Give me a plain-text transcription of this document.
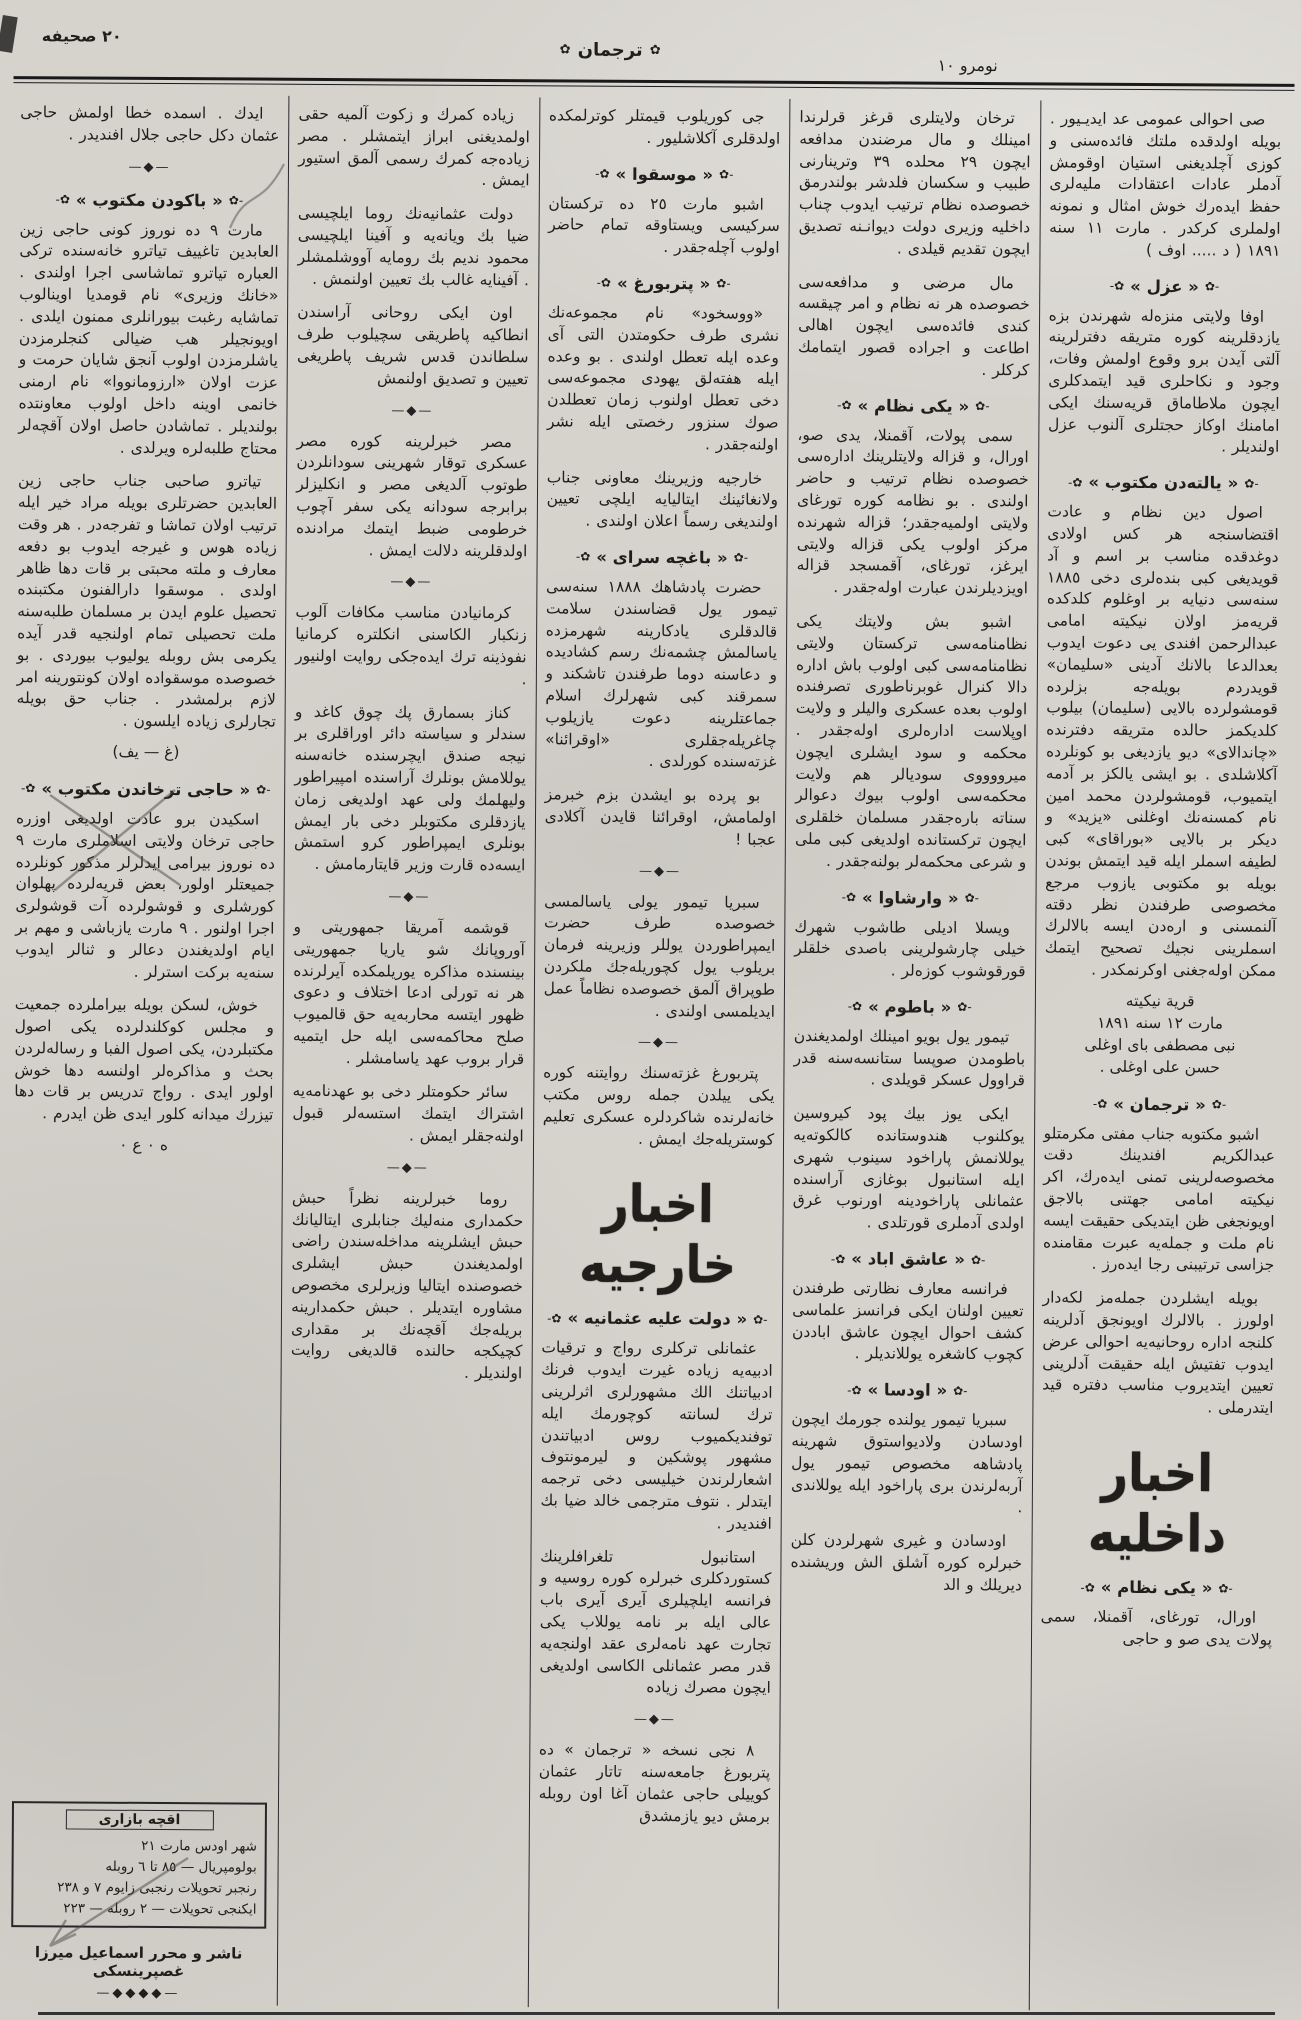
٢٠ صحيفه
✿
ترجمان
✿
نومرو ١٠

صى احوالى عمومى عد ايديـيور . بويله اولدقده ملتك فائده‌سنى و كوزى آچلديغنى استيان اوقومش آدملر عادات اعتقادات مليه‌لرى حفظ ايده‌رك خوش امثال و نمونه اولملرى كركدر . مارت ١١ سنه ١٨٩١ ( د ..... اوف )

-✿
« عزل »
✿-

اوفا ولايتى منزه‌له شهرندن بزه يازدقلرينه كوره متريقه دفترلرينه آلتى آيدن برو وقوع اولمش وفات، وجود و نكاحلرى قيد ايتمدكلرى ايچون ملاطاماق قريه‌سنك ايكى امامنك اوكاز حجتلرى آلنوب عزل اولنديلر .

-✿
« يالته‌دن مكتوب »
✿-

اصول دين نظام و عادت اقتضاسنجه هر كس اولادى دوغدقده مناسب بر اسم و آد قويديغى كبى بنده‌لرى دخى ١٨٨٥ سنه‌سى دنيايه بر اوغلوم كلدكده قريه‌مز اولان نيكيته امامى عبدالرحمن افندى يى دعوت ايدوب بعدالدعا بالانك آدينى «سليمان» قويدردم بويله‌جه بزلرده قومشولرده بالايى (سليمان) بيلوب كلديكمز حالده متريقه دفترنده «چاندالاى» ديو يازديغى بو كونلرده آكلاشلدى . بو ايشى يالكز بر آدمه ايتميوب، قومشولردن محمد امين نام كمسنه‌نك اوغلنى «يزيد» و ديكر بر بالايى «بوراقاى» كبى لطيفه اسملر ايله قيد ايتمش بوندن بويله بو مكتوبى يازوب مرجع مخصوصى طرفندن نظر دقته آلنمسنى و اره‌دن ايسه بالالرك اسملرينى نجيك تصحيح ايتمك ممكن اوله‌جغنى اوكرنمكدر .

قرية نيكيته
مارت ١٢ سنه ١٨٩١
نبى مصطفى باى اوغلى
حسن على اوغلى .
-✿
« ترجمان »
✿-

اشبو مكتوبه جناب مفتى مكرمتلو عبدالكريم افندينك دقت مخصوصه‌لرينى تمنى ايده‌رك، اكر نيكيته امامى جهتنى بالاجق اويونجغى ظن ايتديكى حقيقت ايسه نام ملت و جمله‌يه عبرت مقامنده جزاسى ترتيبنى رجا ايده‌رز .

بويله ايشلردن جمله‌مز لكه‌دار اولورز . بالالرك اويونجق آدلرينه كلنجه اداره روحانيه‌يه احوالى عرض ايدوب تفتيش ايله حقيقت آدلرينى تعيين ايتديروب مناسب دفتره قيد ايتدرملى .

اخبار داخليه
-✿
« يكى نظام »
✿-

اورال، تورغاى، آقمنلا، سمى پولات يدى صو و حاجى

ترخان ولايتلرى قرغز قرلرندا امينلك و مال مرضندن مدافعه ايچون ٢٩ محلده ٣٩ وترينارنى طبيب و سكسان فلدشر بولندرمق خصوصده نظام ترتيب ايدوب چناب داخليه وزيرى دولت ديوانـنه تصديق ايچون تقديم قيلدى .

مال مرضى و مدافعه‌سى خصوصده هر نه نظام و امر چيقسه كندى فائده‌سى ايچون اهالى اطاعت و اجراده قصور ايتمامك كركلر .

-✿
« يكى نظام »
✿-

سمى پولات، آقمنلا، يدى صو، اورال، و قزاله ولايتلرينك اداره‌سى خصوصده نظام ترتيب و حاضر اولندى . بو نظامه كوره تورغاى ولايتى اولميه‌جقدر؛ قزاله شهرنده مركز اولوب يكى قزاله ولايتى ايرغز، تورغاى، آقمسجد قزاله اويزديلرندن عبارت اوله‌جقدر .

اشبو بش ولايتك يكى نظامنامه‌سى تركستان ولايتى نظامنامه‌سى كبى اولوب باش اداره دالا كنرال غوبرناطورى تصرفنده اولوب بعده عسكرى واليلر و ولايت اوپلاست اداره‌لرى اوله‌جقدر . محكمه و سود ايشلرى ايچون ميرووووى سوديالر هم ولايت محكمه‌سى اولوب بيوك دعوالر سناته باره‌جقدر مسلمان خلقلرى ايچون تركستانده اولديغى كبى ملى و شرعى محكمه‌لر بولنه‌جقدر .

-✿
« وارشاوا »
✿-

ويسلا اديلى طاشوب شهرك خيلى چارشولرينى باصدى خلقلر قورقوشوب كوزه‌لر .

-✿
« باطوم »
✿-

تيمور يول بويو امينلك اولمديغندن باطومدن صوپسا ستانسه‌سنه قدر قراوول عسكر قويلدى .

ايكى يوز بيك پود كيروسين يوكلنوب هندوستانده كالكوته‌يه يوللانمش پاراخود سينوب شهرى ايله استانبول بوغازى آراسنده عثمانلى پاراخودينه اورنوب غرق اولدى آدملرى قورتلدى .

-✿
« عاشق اباد »
✿-

فرانسه معارف نظارتى طرفندن تعيين اولنان ايكى فرانسز علماسى كشف احوال ايچون عاشق اباددن كچوب كاشغره يوللانديلر .

-✿
« اودسا »
✿-

سبريا تيمور يولنده جورمك ايچون اودسادن ولاديواستوق شهرينه پادشاهه مخصوص تيمور يول آربه‌لرندن برى پاراخود ايله يوللاندى .

اودسادن و غيرى شهرلردن كلن خبرلره كوره آشلق الش وريشنده ديريلك و الد

جى كوريلوب قيمتلر كوترلمكده اولدقلرى آكلاشليور .

-✿
« موسقوا »
✿-

اشبو مارت ٢٥ ده تركستان سركيسى ويستاوقه تمام حاضر اولوب آچله‌جقدر .

-✿
« پتربورغ »
✿-

«ووسخود» نام مجموعه‌نك نشرى طرف حكومتدن التى آى وعده ايله تعطل اولندى . بو وعده ايله هفته‌لق يهودى مجموعه‌سى دخى تعطل اولنوب زمان تعطلدن صوك سنزور رخصتى ايله نشر اولنه‌جقدر .

خارجيه وزيرينك معاونى جناب ولانغائينك ايتاليايه ايلچى تعيين اولنديغى رسماً اعلان اولندى .

-✿
« باغچه سراى »
✿-

حضرت پادشاهك ١٨٨٨ سنه‌سى تيمور يول قضاسندن سلامت قالدقلرى يادكارينه شهرمزده ياسالمش چشمه‌نك رسم كشاديده و دعاسنه دوما طرفندن تاشكند و سمرقند كبى شهرلرك اسلام جماعتلرينه دعوت يازيلوب چاغريله‌جقلرى «اوقرائنا» غزته‌سنده كورلدى .

بو پرده بو ايشدن بزم خبرمز اولمامش، اوقرائنا قايدن آكلادى عجبا !

—◆—

سبريا تيمور يولى ياسالمسى خصوصده طرف حضرت ايمپراطوردن يوللر وزيرينه فرمان بريلوب يول كچوريله‌جك ملكردن طوپراق آلمق خصوصده نظاماً عمل ايديلمسى اولندى .

—◆—

پتربورغ غزته‌سنك روايتنه كوره يكى ييلدن جمله روس مكتب خانه‌لرنده شاكردلره عسكرى تعليم كوستريله‌جك ايمش .

اخبار خارجيه
-✿
« دولت عليه عثمانيه »
✿-

عثمانلى تركلرى رواج و ترقيات ادبيه‌يه زياده غيرت ايدوب فرنك ادبياتنك الك مشهورلرى اثرلرينى ترك لسانته كوچورمك ايله توفنديكميوب روس ادبياتندن مشهور پوشكين و ليرمونتوف اشعارلرندن خيليسى دخى ترجمه ايتدلر . نتوف مترجمى خالد ضيا بك افنديدر .

استانبول تلغرافلرينك كستوردكلرى خبرلره كوره روسيه و فرانسه ايلچيلرى آيرى آيرى باب عالى ايله بر نامه يوللاب يكى تجارت عهد نامه‌لرى عقد اولنجه‌يه قدر مصر عثمانلى الكاسى اولديغى ايچون مصرك زياده

—◆—

٨ نجى نسخه « ترجمان » ده پتربورغ جامعه‌سنه تاتار عثمان كوييلى حاجى عثمان آغا اون روبله برمش ديو يازمشدق

زياده كمرك و زكوت آلميه حقى اولمديغنى ابراز ايتمشلر . مصر زياده‌جه كمرك رسمى آلمق استيور ايمش .

دولت عثمانيه‌نك روما ايلچيسى ضيا بك ويانه‌يه و آفينا ايلچيسى محمود نديم بك رومايه آووشلمشلر . آفينايه غالب بك تعيين اولنمش .

اون ايكى روحانى آراسندن انطاكيه پاطريقى سچيلوب طرف سلطاندن قدس شريف پاطريغى تعيين و تصديق اولنمش

—◆—

مصر خبرلرينه كوره مصر عسكرى توقار شهرينى سودانلردن طوتوب آلديغى مصر و انكليزلر برابرجه سودانه يكى سفر آچوب خرطومى ضبط ايتمك مرادنده اولدقلرينه دلالت ايمش .

—◆—

كرمانيادن مناسب مكافات آلوب زنكبار الكاسنى انكلتره كرمانيا نفوذينه ترك ايده‌جكى روايت اولنيور .

كناز بسمارق پك چوق كاغد و سندلر و سياسته دائر اوراقلرى بر نيجه صندق ايچرسنده خانه‌سنه يوللامش بونلرك آراسنده امپيراطور وليهلمك ولى عهد اولديغى زمان يازدقلرى مكتوبلر دخى بار ايمش بونلرى ايمپراطور كرو استمش ايسه‌ده قارت وزير قايتارمامش .

—◆—

قوشمه آمريقا جمهوريتى و آوروپانك شو ياريا جمهوريتى بينسنده مذاكره يوريلمكده آيرلرنده هر نه تورلى ادعا اختلاف و دعوى ظهور ايتسه محاربه‌يه حق قالميوب صلح محاكمه‌سى ايله حل ايتميه قرار بروب عهد ياسامشلر .

سائر حكومتلر دخى بو عهدنامه‌يه اشتراك ايتمك استسه‌لر قبول اولنه‌جقلر ايمش .

—◆—

روما خبرلرينه نظراً حبش حكمدارى منه‌ليك جنابلرى ايتاليانك حبش ايشلرينه مداخله‌سندن راضى اولمديغندن حبش ايشلرى خصوصنده ايتاليا وزيرلرى مخصوص مشاوره ايتديلر . حبش حكمدارينه بريله‌جك آقچه‌نك بر مقدارى كچيكجه حالنده قالديغى روايت اولنديلر .

ايدك . اسمده خطا اولمش حاجى عثمان دكل حاجى جلال افنديدر .

—◆—
-✿
« باكودن مكتوب »
✿-

مارت ٩ ده نوروز كونى حاجى زين العابدين تاغييف تياترو خانه‌سنده تركى العباره تياترو تماشاسى اجرا اولندى . «خانك وزيرى» نام قومديا اوينالوب تماشايه رغبت بيورانلرى ممنون ايلدى . اويونجيلر هب ضيالى كنجلرمزدن ياشلرمزدن اولوب آنجق شايان حرمت و عزت اولان «ارزومانووا» نام ارمنى خانمى اوينه داخل اولوب معاونتده بولنديلر . تماشادن حاصل اولان آقچه‌لر محتاج طلبه‌لره ويرلدى .

تياترو صاحبى جناب حاجى زين العابدين حضرتلرى بويله مراد خير ايله ترتيب اولان تماشا و تفرجه‌در . هر وقت زياده هوس و غيرجه ايدوب بو دفعه معارف و ملته محبتى بر قات دها ظاهر اولدى . موسقوا دارالفنون مكتبنده تحصيل علوم ايدن بر مسلمان طلبه‌سنه ملت تحصيلى تمام اولنجيه قدر آيده يكرمى بش روبله يوليوب بيوردى . بو خصوصده موسقواده اولان كونتورينه امر لازم برلمشدر . جناب حق بويله تجارلرى زياده ايلسون .

(غ — يف)
-✿
« حاجى ترخاندن مكتوب »
✿-

اسكيدن برو عادت اولديغى اوزره حاجى ترخان ولايتى اسلاملرى مارت ٩ ده نوروز بيرامى ايدلرلر مذكور كونلرده جميعتلر اولور، بعض قريه‌لرده پهلوان كورشلرى و قوشولرده آت قوشولرى اجرا اولنور . ٩ مارت يازباشى و مهم بر ايام اولديغندن دعالر و ثنالر ايدوب سنه‌يه بركت استرلر .

خوش، لسكن بويله بيراملرده جمعيت و مجلس كوكلندلرده يكى اصول مكتبلردن، يكى اصول الفبا و رساله‌لردن بحث و مذاكره‌لر اولنسه دها خوش اولور ايدى . رواج تدريس بر قات دها تيزرك ميدانه كلور ايدى ظن ايدرم .

ه ٠ ع ٠
اقچه بازارى
شهر اودس مارت ٢١
بولومپريال — ٨٥ تا ٦ روبله
رنجبر تحويلات رنجبى زايوم ٧ و ٢٣٨
ايكنجى تحويلات — ٢ روبله — ٢٢٣
ناشر و محرر اسماعيل ميرزا غصپرينسكى
—◆◆◆◆—
